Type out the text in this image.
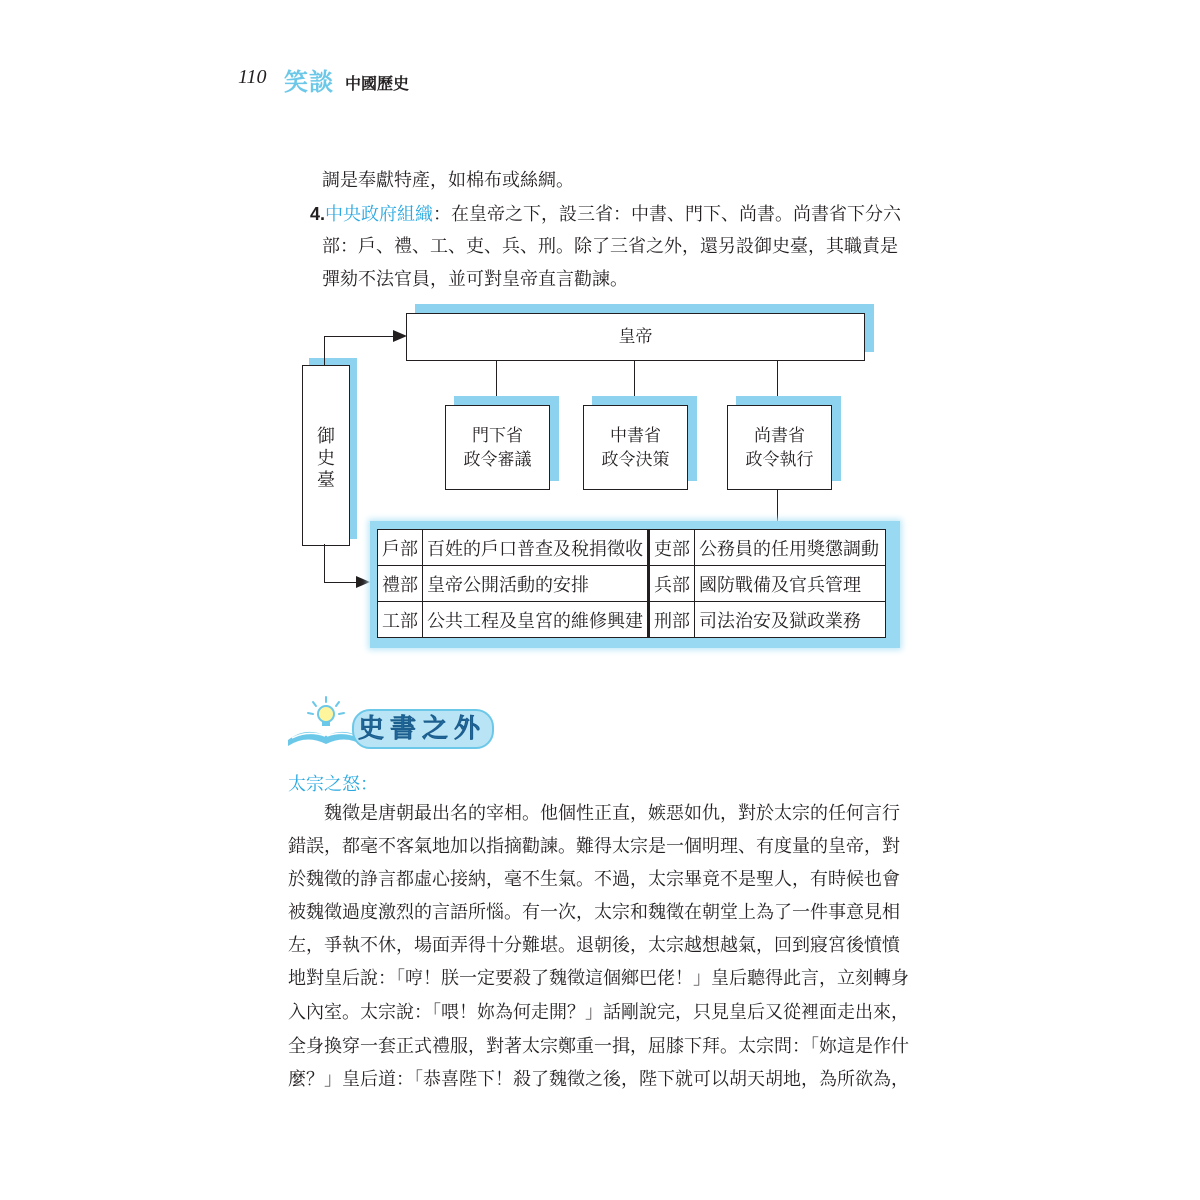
110 笑談 中國歷史
調是奉獻特產，如棉布或絲綢。
4.中央政府組織：在皇帝之下，設三省：中書、門下、尚書。尚書省下分六
部：戶、禮、工、吏、兵、刑。除了三省之外，還另設御史臺，其職責是
彈劾不法官員，並可對皇帝直言勸諫。
皇帝
御
史
臺
門下省
政令審議
中書省
政令決策
尚書省
政令執行
戶部	百姓的戶口普查及稅捐徵收	吏部	公務員的任用獎懲調動
禮部	皇帝公開活動的安排	兵部	國防戰備及官兵管理
工部	公共工程及皇宮的維修興建	刑部	司法治安及獄政業務
史書之外
太宗之怒：
　　魏徵是唐朝最出名的宰相。他個性正直，嫉惡如仇，對於太宗的任何言行
錯誤，都毫不客氣地加以指摘勸諫。難得太宗是一個明理、有度量的皇帝，對
於魏徵的諍言都虛心接納，毫不生氣。不過，太宗畢竟不是聖人，有時候也會
被魏徵過度激烈的言語所惱。有一次，太宗和魏徵在朝堂上為了一件事意見相
左，爭執不休，場面弄得十分難堪。退朝後，太宗越想越氣，回到寢宮後憤憤
地對皇后說：「哼！朕一定要殺了魏徵這個鄉巴佬！」皇后聽得此言，立刻轉身
入內室。太宗說：「喂！妳為何走開？」話剛說完，只見皇后又從裡面走出來，
全身換穿一套正式禮服，對著太宗鄭重一揖，屈膝下拜。太宗問：「妳這是作什
麼？」皇后道：「恭喜陛下！殺了魏徵之後，陛下就可以胡天胡地，為所欲為，
